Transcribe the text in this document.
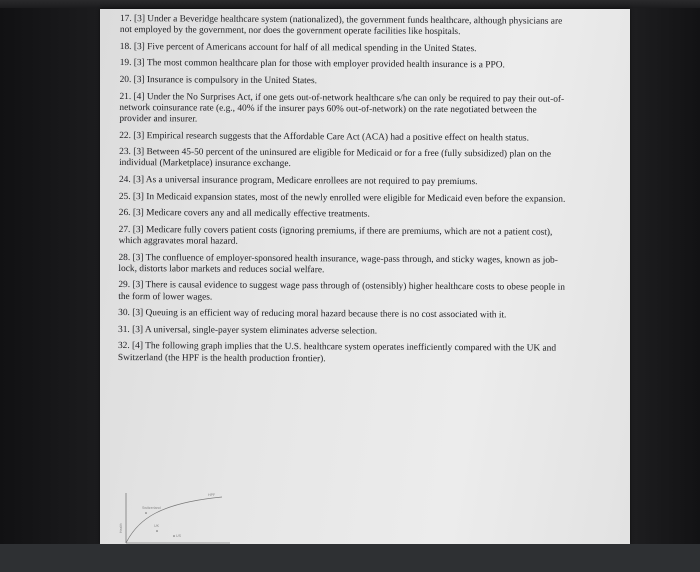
17. [3] Under a Beveridge healthcare system (nationalized), the government funds healthcare, although physicians are not employed by the government, nor does the government operate facilities like hospitals.
18. [3] Five percent of Americans account for half of all medical spending in the United States.
19. [3] The most common healthcare plan for those with employer provided health insurance is a PPO.
20. [3] Insurance is compulsory in the United States.
21. [4] Under the No Surprises Act, if one gets out-of-network healthcare s/he can only be required to pay their out-of-network coinsurance rate (e.g., 40% if the insurer pays 60% out-of-network) on the rate negotiated between the provider and insurer.
22. [3] Empirical research suggests that the Affordable Care Act (ACA) had a positive effect on health status.
23. [3] Between 45-50 percent of the uninsured are eligible for Medicaid or for a free (fully subsidized) plan on the individual (Marketplace) insurance exchange.
24. [3] As a universal insurance program, Medicare enrollees are not required to pay premiums.
25. [3] In Medicaid expansion states, most of the newly enrolled were eligible for Medicaid even before the expansion.
26. [3] Medicare covers any and all medically effective treatments.
27. [3] Medicare fully covers patient costs (ignoring premiums, if there are premiums, which are not a patient cost), which aggravates moral hazard.
28. [3] The confluence of employer-sponsored health insurance, wage-pass through, and sticky wages, known as job-lock, distorts labor markets and reduces social welfare.
29. [3] There is causal evidence to suggest wage pass through of (ostensibly) higher healthcare costs to obese people in the form of lower wages.
30. [3] Queuing is an efficient way of reducing moral hazard because there is no cost associated with it.
31. [3] A universal, single-payer system eliminates adverse selection.
32. [4] The following graph implies that the U.S. healthcare system operates inefficiently compared with the UK and Switzerland (the HPF is the health production frontier).
HPF
Switzerland
UK
US
Health
